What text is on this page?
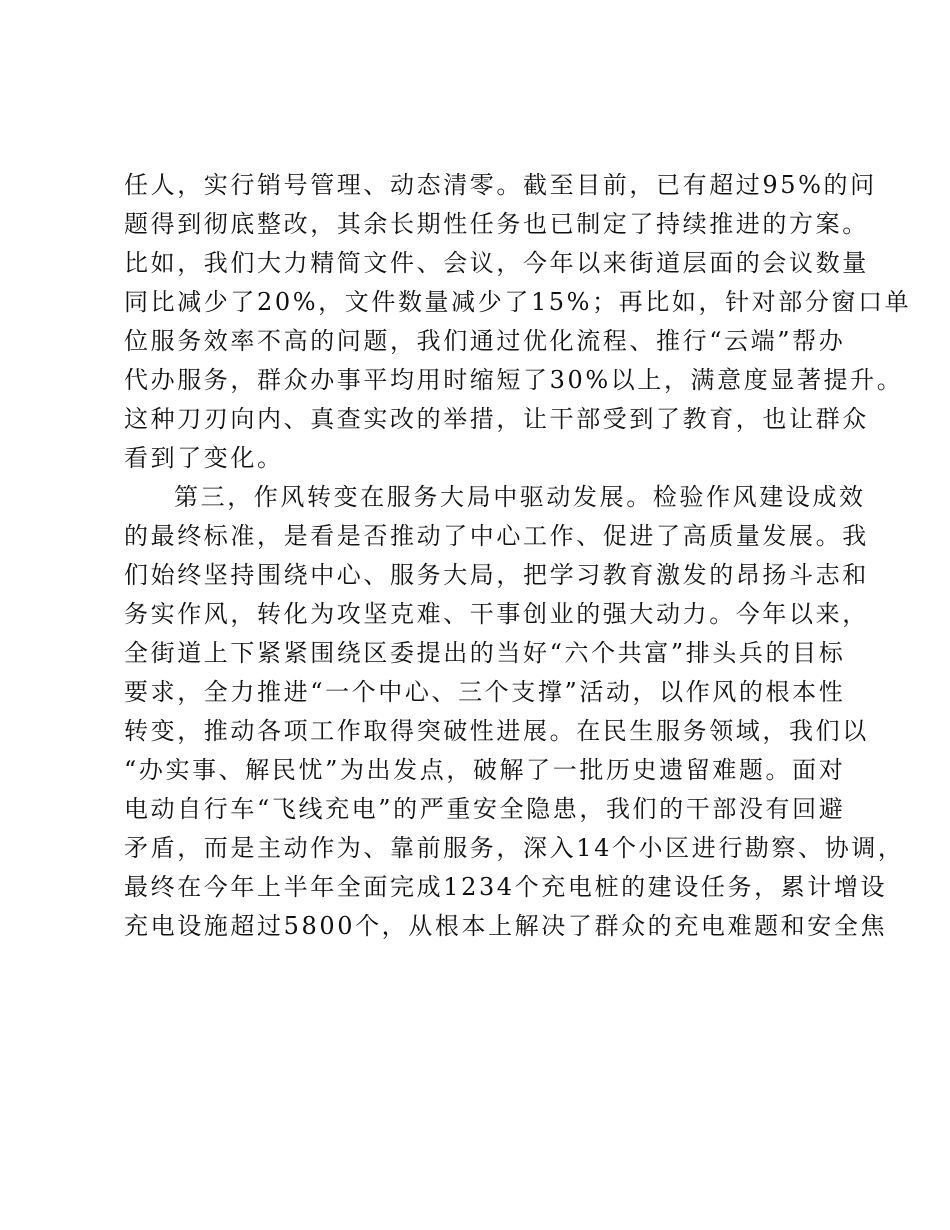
任人，实行销号管理、动态清零。截至目前，已有超过95%的问
题得到彻底整改，其余长期性任务也已制定了持续推进的方案。
比如，我们大力精简文件、会议，今年以来街道层面的会议数量
同比减少了20%，文件数量减少了15%；再比如，针对部分窗口单
位服务效率不高的问题，我们通过优化流程、推行“云端”帮办
代办服务，群众办事平均用时缩短了30%以上，满意度显著提升。
这种刀刃向内、真查实改的举措，让干部受到了教育，也让群众
看到了变化。
第三，作风转变在服务大局中驱动发展。检验作风建设成效
的最终标准，是看是否推动了中心工作、促进了高质量发展。我
们始终坚持围绕中心、服务大局，把学习教育激发的昂扬斗志和
务实作风，转化为攻坚克难、干事创业的强大动力。今年以来，
全街道上下紧紧围绕区委提出的当好“六个共富”排头兵的目标
要求，全力推进“一个中心、三个支撑”活动，以作风的根本性
转变，推动各项工作取得突破性进展。在民生服务领域，我们以
“办实事、解民忧”为出发点，破解了一批历史遗留难题。面对
电动自行车“飞线充电”的严重安全隐患，我们的干部没有回避
矛盾，而是主动作为、靠前服务，深入14个小区进行勘察、协调，
最终在今年上半年全面完成1234个充电桩的建设任务，累计增设
充电设施超过5800个，从根本上解决了群众的充电难题和安全焦
